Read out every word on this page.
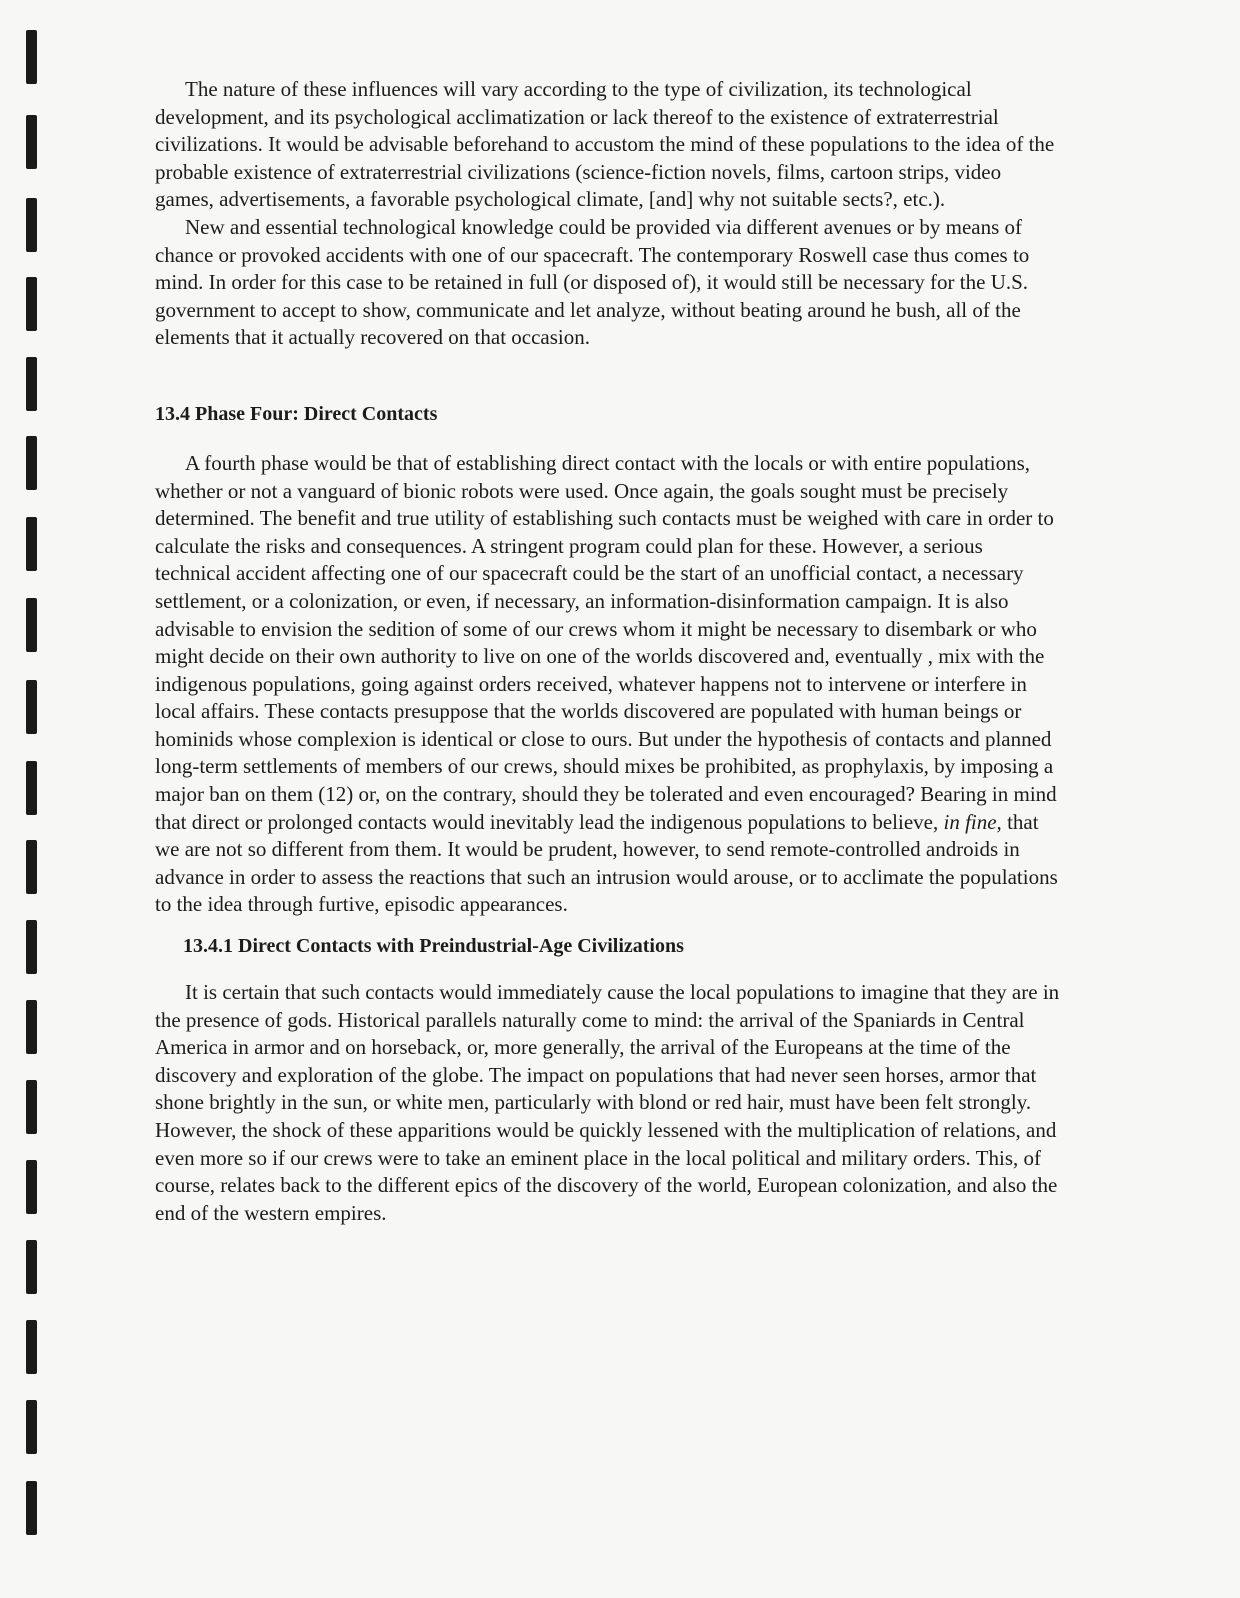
The nature of these influences will vary according to the type of civilization, its technological development, and its psychological acclimatization or lack thereof to the existence of extraterrestrial civilizations. It would be advisable beforehand to accustom the mind of these populations to the idea of the probable existence of extraterrestrial civilizations (science-fiction novels, films, cartoon strips, video games, advertisements, a favorable psychological climate, [and] why not suitable sects?, etc.).

New and essential technological knowledge could be provided via different avenues or by means of chance or provoked accidents with one of our spacecraft. The contemporary Roswell case thus comes to mind. In order for this case to be retained in full (or disposed of), it would still be necessary for the U.S. government to accept to show, communicate and let analyze, without beating around he bush, all of the elements that it actually recovered on that occasion.

13.4 Phase Four: Direct Contacts

A fourth phase would be that of establishing direct contact with the locals or with entire populations, whether or not a vanguard of bionic robots were used. Once again, the goals sought must be precisely determined. The benefit and true utility of establishing such contacts must be weighed with care in order to calculate the risks and consequences. A stringent program could plan for these. However, a serious technical accident affecting one of our spacecraft could be the start of an unofficial contact, a necessary settlement, or a colonization, or even, if necessary, an information-disinformation campaign. It is also advisable to envision the sedition of some of our crews whom it might be necessary to disembark or who might decide on their own authority to live on one of the worlds discovered and, eventually , mix with the indigenous populations, going against orders received, whatever happens not to intervene or interfere in local affairs. These contacts presuppose that the worlds discovered are populated with human beings or hominids whose complexion is identical or close to ours. But under the hypothesis of contacts and planned long-term settlements of members of our crews, should mixes be prohibited, as prophylaxis, by imposing a major ban on them (12) or, on the contrary, should they be tolerated and even encouraged? Bearing in mind that direct or prolonged contacts would inevitably lead the indigenous populations to believe, in fine, that we are not so different from them. It would be prudent, however, to send remote-controlled androids in advance in order to assess the reactions that such an intrusion would arouse, or to acclimate the populations to the idea through furtive, episodic appearances.

13.4.1 Direct Contacts with Preindustrial-Age Civilizations

It is certain that such contacts would immediately cause the local populations to imagine that they are in the presence of gods. Historical parallels naturally come to mind: the arrival of the Spaniards in Central America in armor and on horseback, or, more generally, the arrival of the Europeans at the time of the discovery and exploration of the globe. The impact on populations that had never seen horses, armor that shone brightly in the sun, or white men, particularly with blond or red hair, must have been felt strongly. However, the shock of these apparitions would be quickly lessened with the multiplication of relations, and even more so if our crews were to take an eminent place in the local political and military orders. This, of course, relates back to the different epics of the discovery of the world, European colonization, and also the end of the western empires.
